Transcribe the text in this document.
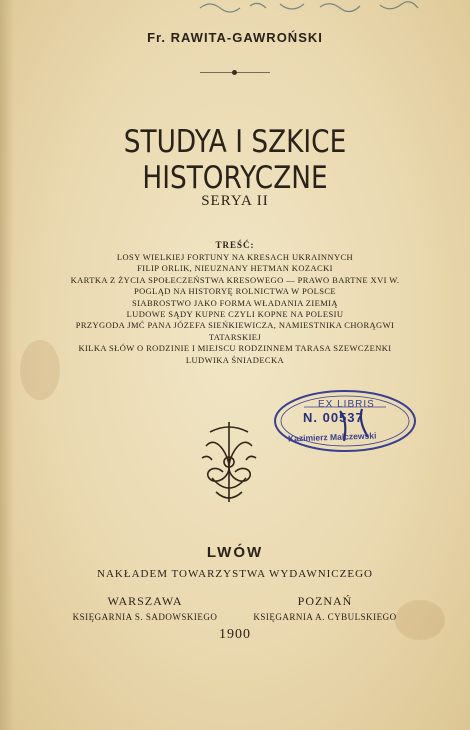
Fr. RAWITA-GAWROŃSKI
STUDYA I SZKICE HISTORYCZNE
SERYA II
TREŚĆ:
LOSY WIELKIEJ FORTUNY NA KRESACH UKRAINNYCH
FILIP ORLIK, NIEUZNANY HETMAN KOZACKI
KARTKA Z ŻYCIA SPOŁECZEŃSTWA KRESOWEGO — PRAWO BARTNE XVI W.
POGLĄD NA HISTORYĘ ROLNICTWA W POLSCE
SIABROSTWO JAKO FORMA WŁADANIA ZIEMIĄ
LUDOWE SĄDY KUPNE CZYLI KOPNE NA POLESIU
PRZYGODA JMĆ PANA JÓZEFA SIEŃKIEWICZA, NAMIESTNIKA CHORĄGWI
TATARSKIEJ
KILKA SŁÓW O RODZINIE I MIEJSCU RODZINNEM TARASA SZEWCZENKI
LUDWIKA ŚNIADECKA
EX LIBRIS
N. 00537
Kazimierz Malczewski
LWÓW
NAKŁADEM TOWARZYSTWA WYDAWNICZEGO
WARSZAWA
KSIĘGARNIA S. SADOWSKIEGO
POZNAŃ
KSIĘGARNIA A. CYBULSKIEGO
1900
